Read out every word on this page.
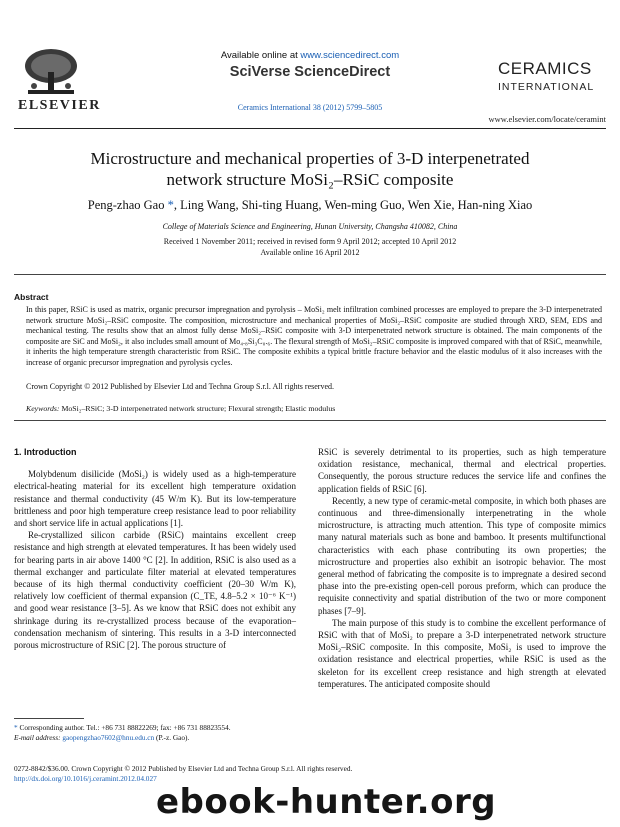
ELSEVIER
Available online at www.sciencedirect.com
SciVerse ScienceDirect
Ceramics International 38 (2012) 5799–5805
CERAMICS
INTERNATIONAL
www.elsevier.com/locate/ceramint
Microstructure and mechanical properties of 3-D interpenetrated
network structure MoSi₂–RSiC composite
Peng-zhao Gao *, Ling Wang, Shi-ting Huang, Wen-ming Guo, Wen Xie, Han-ning Xiao
College of Materials Science and Engineering, Hunan University, Changsha 410082, China
Received 1 November 2011; received in revised form 9 April 2012; accepted 10 April 2012
Available online 16 April 2012
Abstract
In this paper, RSiC is used as matrix, organic precursor impregnation and pyrolysis – MoSi₂ melt infiltration combined processes are employed to prepare the 3-D interpenetrated network structure MoSi₂–RSiC composite. The composition, microstructure and mechanical properties of MoSi₂–RSiC composite are studied through XRD, SEM, EDS and mechanical testing. The results show that an almost fully dense MoSi₂–RSiC composite with 3-D interpenetrated network structure is obtained. The main components of the composite are SiC and MoSi₂, it also includes small amount of Mo₄.₈Si₃C₀.₆. The flexural strength of MoSi₂–RSiC composite is improved compared with that of RSiC, meanwhile, it inherits the high temperature strength characteristic from RSiC. The composite exhibits a typical brittle fracture behavior and the elastic modulus of it also increases with the increase of organic precursor impregnation and pyrolysis cycles.
Crown Copyright © 2012 Published by Elsevier Ltd and Techna Group S.r.l. All rights reserved.
Keywords: MoSi₂–RSiC; 3-D interpenetrated network structure; Flexural strength; Elastic modulus
1. Introduction

Molybdenum disilicide (MoSi₂) is widely used as a high-temperature electrical-heating material for its excellent high temperature oxidation resistance and thermal conductivity (45 W/m K). But its low-temperature brittleness and poor high temperature creep resistance lead to poor reliability and short service life in actual applications [1].

Re-crystallized silicon carbide (RSiC) maintains excellent creep resistance and high strength at elevated temperatures. It has been widely used for bearing parts in air above 1400 °C [2]. In addition, RSiC is also used as a thermal exchanger and particulate filter material at elevated temperatures because of its high thermal conductivity coefficient (20–30 W/m K), relatively low coefficient of thermal expansion (C_TE, 4.8–5.2 × 10⁻⁶ K⁻¹) and good wear resistance [3–5]. As we know that RSiC does not exhibit any shrinkage during its re-crystallized process because of the evaporation–condensation mechanism of sintering. This results in a 3-D interconnected porous microstructure of RSiC [2]. The porous structure of

RSiC is severely detrimental to its properties, such as high temperature oxidation resistance, mechanical, thermal and electrical properties. Consequently, the porous structure reduces the service life and confines the application fields of RSiC [6].

Recently, a new type of ceramic-metal composite, in which both phases are continuous and three-dimensionally interpenetrating in the whole microstructure, is attracting much attention. This type of composite mimics many natural materials such as bone and bamboo. It presents multifunctional characteristics with each phase contributing its own properties; the microstructure and properties also exhibit an isotropic behavior. The most general method of fabricating the composite is to impregnate a desired second phase into the pre-existing open-cell porous preform, which can produce the requisite connectivity and spatial distribution of the two or more component phases [7–9].

The main purpose of this study is to combine the excellent performance of RSiC with that of MoSi₂ to prepare a 3-D interpenetrated network structure MoSi₂–RSiC composite. In this composite, MoSi₂ is used to improve the oxidation resistance and electrical properties, while RSiC is used as the skeleton for its excellent creep resistance and high strength at elevated temperatures. The anticipated composite should

* Corresponding author. Tel.: +86 731 88822269; fax: +86 731 88823554.
E-mail address: gaopengzhao7602@hnu.edu.cn (P.-z. Gao).
0272-8842/$36.00. Crown Copyright © 2012 Published by Elsevier Ltd and Techna Group S.r.l. All rights reserved.
http://dx.doi.org/10.1016/j.ceramint.2012.04.027
ebook-hunter.org
